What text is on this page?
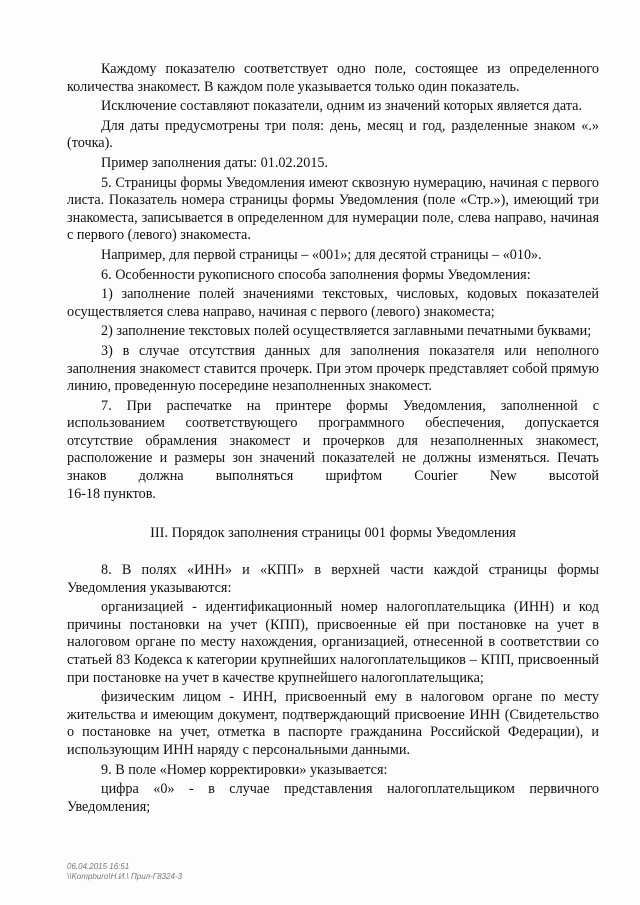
Каждому показателю соответствует одно поле, состоящее из определенного количества знакомест. В каждом поле указывается только один показатель.

Исключение составляют показатели, одним из значений которых является дата.

Для даты предусмотрены три поля: день, месяц и год, разделенные знаком «.» (точка).

Пример заполнения даты: 01.02.2015.

5. Страницы формы Уведомления имеют сквозную нумерацию, начиная с первого листа. Показатель номера страницы формы Уведомления (поле «Стр.»), имеющий три знакоместа, записывается в определенном для нумерации поле, слева направо, начиная с первого (левого) знакоместа.

Например, для первой страницы – «001»; для десятой страницы – «010».

6. Особенности рукописного способа заполнения формы Уведомления:

1) заполнение полей значениями текстовых, числовых, кодовых показателей осуществляется слева направо, начиная с первого (левого) знакоместа;

2) заполнение текстовых полей осуществляется заглавными печатными буквами;

3) в случае отсутствия данных для заполнения показателя или неполного заполнения знакомест ставится прочерк. При этом прочерк представляет собой прямую линию, проведенную посередине незаполненных знакомест.

7. При распечатке на принтере формы Уведомления, заполненной с использованием соответствующего программного обеспечения, допускается отсутствие обрамления знакомест и прочерков для незаполненных знакомест, расположение и размеры зон значений показателей не должны изменяться. Печать знаков должна выполняться шрифтом Courier New высотой

16-18 пунктов.

III. Порядок заполнения страницы 001 формы Уведомления

8. В полях «ИНН» и «КПП» в верхней части каждой страницы формы Уведомления указываются:

организацией - идентификационный номер налогоплательщика (ИНН) и код причины постановки на учет (КПП), присвоенные ей при постановке на учет в налоговом органе по месту нахождения, организацией, отнесенной в соответствии со статьей 83 Кодекса к категории крупнейших налогоплательщиков – КПП, присвоенный при постановке на учет в качестве крупнейшего налогоплательщика;

физическим лицом - ИНН, присвоенный ему в налоговом органе по месту жительства и имеющим документ, подтверждающий присвоение ИНН (Свидетельство о постановке на учет, отметка в паспорте гражданина Российской Федерации), и использующим ИНН наряду с персональными данными.

9. В поле «Номер корректировки» указывается:

цифра «0» - в случае представления налогоплательщиком первичного Уведомления;

06.04.2015 16:51
\\Kompburo\Н.И.\ Прил-Г8324-3
